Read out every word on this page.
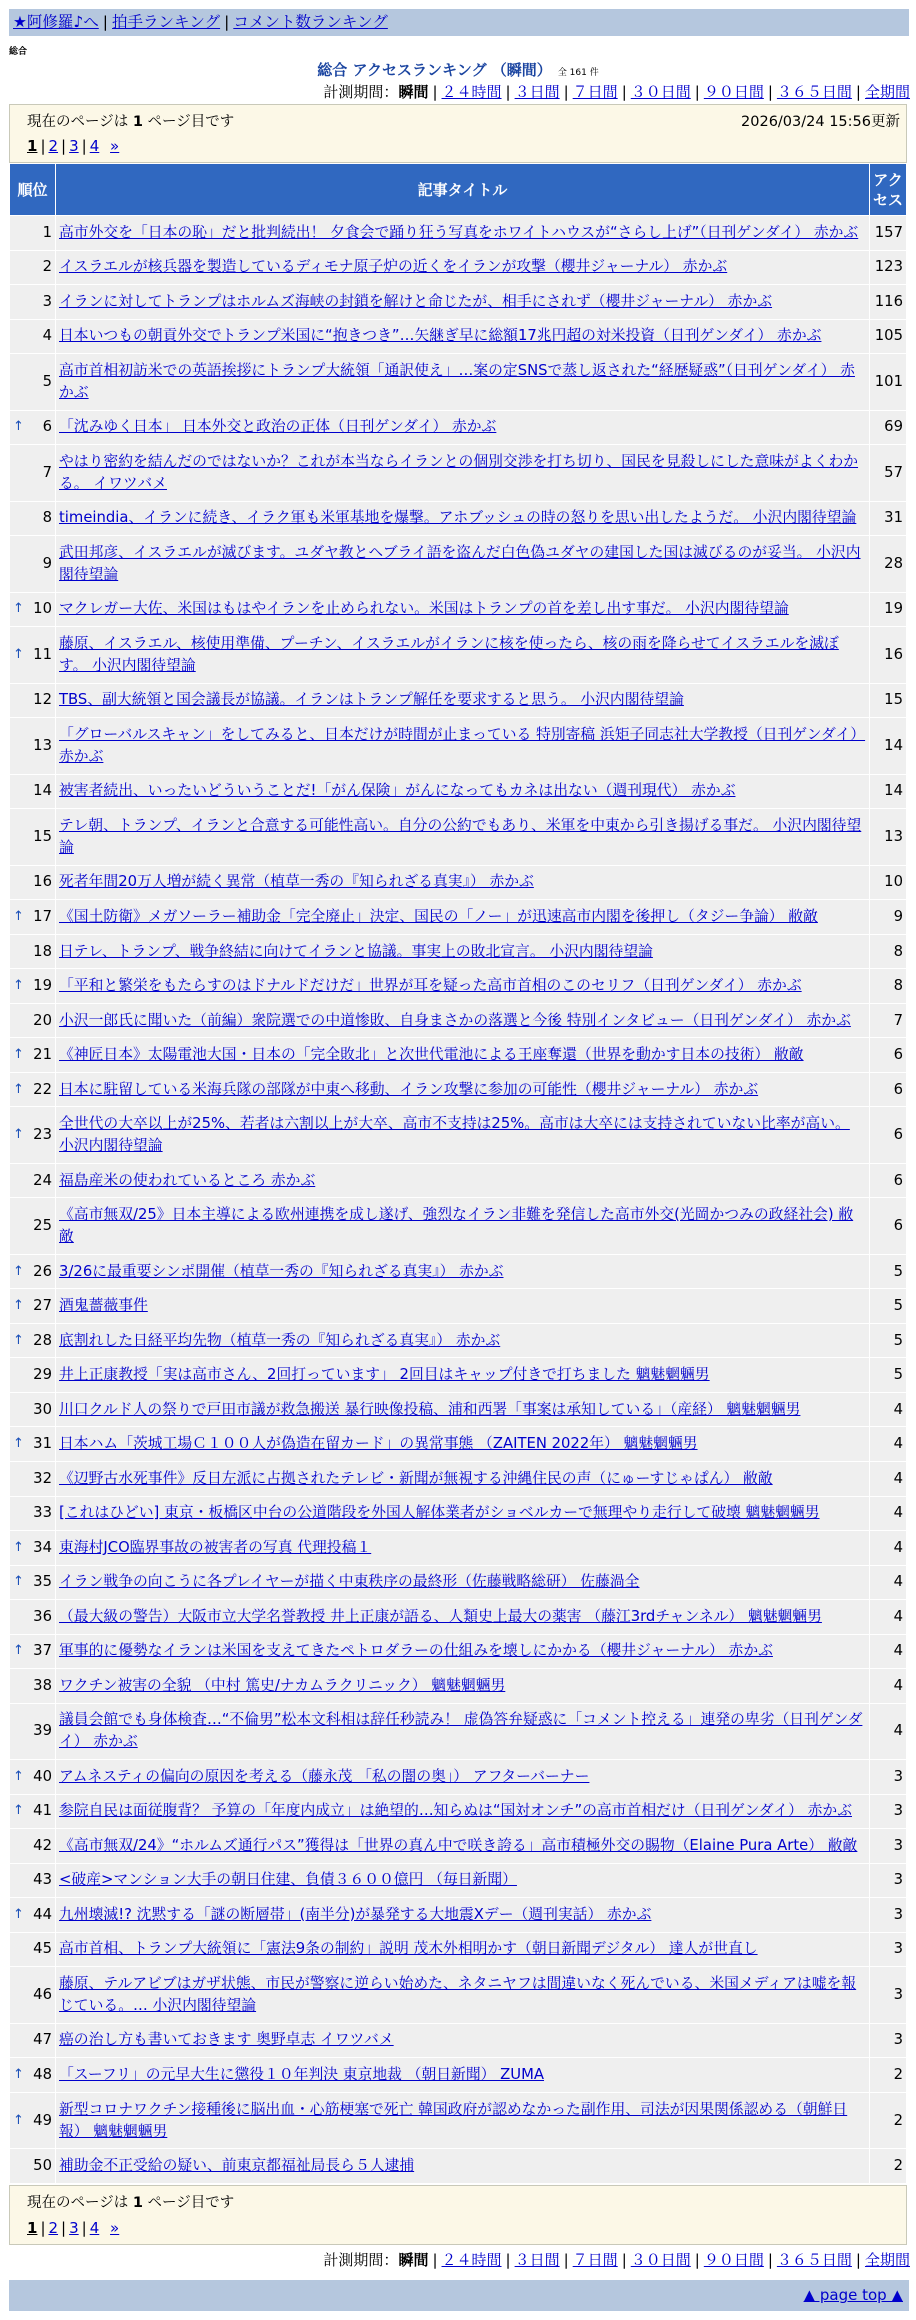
★阿修羅♪へ | 拍手ランキング | コメント数ランキング
総合
総合 アクセスランキング （瞬間） 全 161 件
計測期間：瞬間 | ２４時間 | ３日間 | ７日間 | ３０日間 | ９０日間 | ３６５日間 | 全期間
現在のページは 1 ページ目です	2026/03/24 15:56更新
1 | 2 | 3 | 4 »
順位	記事タイトル	アクセス
1	高市外交を「日本の恥」だと批判続出！ 夕食会で踊り狂う写真をホワイトハウスが“さらし上げ”（日刊ゲンダイ） 赤かぶ	157
2	イスラエルが核兵器を製造しているディモナ原子炉の近くをイランが攻撃（櫻井ジャーナル） 赤かぶ	123
3	イランに対してトランプはホルムズ海峡の封鎖を解けと命じたが、相手にされず（櫻井ジャーナル） 赤かぶ	116
4	日本いつもの朝貢外交でトランプ米国に“抱きつき”…矢継ぎ早に総額17兆円超の対米投資（日刊ゲンダイ） 赤かぶ	105
5	高市首相初訪米での英語挨拶にトランプ大統領「通訳使え」…案の定SNSで蒸し返された“経歴疑惑”（日刊ゲンダイ） 赤かぶ	101

↑ 6	「沈みゆく日本」 日本外交と政治の正体（日刊ゲンダイ） 赤かぶ	69
7	やはり密約を結んだのではないか？これが本当ならイランとの個別交渉を打ち切り、国民を見殺しにした意味がよくわかる。 イワツバメ	57
8	timeindia、イランに続き、イラク軍も米軍基地を爆撃。アホブッシュの時の怒りを思い出したようだ。 小沢内閣待望論	31
9	武田邦彦、イスラエルが滅びます。ユダヤ教とヘブライ語を盗んだ白色偽ユダヤの建国した国は滅びるのが妥当。 小沢内閣待望論	28

↑ 10	マクレガー大佐、米国はもはやイランを止められない。米国はトランプの首を差し出す事だ。 小沢内閣待望論	19

↑ 11	藤原、イスラエル、核使用準備、プーチン、イスラエルがイランに核を使ったら、核の雨を降らせてイスラエルを滅ぼす。 小沢内閣待望論	16
12	TBS、副大統領と国会議長が協議。イランはトランプ解任を要求すると思う。 小沢内閣待望論	15
13	「グローバルスキャン」をしてみると、日本だけが時間が止まっている 特別寄稿 浜矩子同志社大学教授（日刊ゲンダイ） 赤かぶ	14
14	被害者続出、いったいどういうことだ!「がん保険」がんになってもカネは出ない（週刊現代） 赤かぶ	14
15	テレ朝、トランプ、イランと合意する可能性高い。自分の公約でもあり、米軍を中東から引き揚げる事だ。 小沢内閣待望論	13
16	死者年間20万人増が続く異常（植草一秀の『知られざる真実』） 赤かぶ	10

↑ 17	《国土防衛》メガソーラー補助金「完全廃止」決定、国民の「ノー」が迅速高市内閣を後押し（タジー争論） 敝敵	9
18	日テレ、トランプ、戦争終結に向けてイランと協議。事実上の敗北宣言。 小沢内閣待望論	8

↑ 19	「平和と繁栄をもたらすのはドナルドだけだ」世界が耳を疑った高市首相のこのセリフ（日刊ゲンダイ） 赤かぶ	8
20	小沢一郎氏に聞いた（前編）衆院選での中道惨敗、自身まさかの落選と今後 特別インタビュー（日刊ゲンダイ） 赤かぶ	7

↑ 21	《神匠日本》太陽電池大国・日本の「完全敗北」と次世代電池による王座奪還（世界を動かす日本の技術） 敝敵	6

↑ 22	日本に駐留している米海兵隊の部隊が中東へ移動、イラン攻撃に参加の可能性（櫻井ジャーナル） 赤かぶ	6

↑ 23	全世代の大卒以上が25%、若者は六割以上が大卒、高市不支持は25%。高市は大卒には支持されていない比率が高い。 小沢内閣待望論	6
24	福島産米の使われているところ 赤かぶ	6
25	《高市無双/25》日本主導による欧州連携を成し遂げ、強烈なイラン非難を発信した高市外交(光岡かつみの政経社会) 敝敵	6

↑ 26	3/26に最重要シンポ開催（植草一秀の『知られざる真実』） 赤かぶ	5

↑ 27	酒鬼薔薇事件	5

↑ 28	底割れした日経平均先物（植草一秀の『知られざる真実』） 赤かぶ	5
29	井上正康教授「実は高市さん、2回打っています」 2回目はキャップ付きで打ちました 魑魅魍魎男	5
30	川口クルド人の祭りで戸田市議が救急搬送 暴行映像投稿、浦和西署「事案は承知している」（産経） 魑魅魍魎男	4

↑ 31	日本ハム「茨城工場Ｃ１００人が偽造在留カード」の異常事態 （ZAITEN 2022年） 魑魅魍魎男	4
32	《辺野古水死事件》反日左派に占拠されたテレビ・新聞が無視する沖縄住民の声（にゅーすじゃぱん） 敝敵	4
33	[これはひどい] 東京・板橋区中台の公道階段を外国人解体業者がショベルカーで無理やり走行して破壊 魑魅魍魎男	4

↑ 34	東海村JCO臨界事故の被害者の写真 代理投稿１	4

↑ 35	イラン戦争の向こうに各プレイヤーが描く中東秩序の最終形（佐藤戦略総研） 佐藤渦全	4
36	（最大級の警告）大阪市立大学名誉教授 井上正康が語る、人類史上最大の薬害 （藤江3rdチャンネル） 魑魅魍魎男	4

↑ 37	軍事的に優勢なイランは米国を支えてきたペトロダラーの仕組みを壊しにかかる（櫻井ジャーナル） 赤かぶ	4
38	ワクチン被害の全貌 （中村 篤史/ナカムラクリニック） 魑魅魍魎男	4
39	議員会館でも身体検査…“不倫男”松本文科相は辞任秒読み！ 虚偽答弁疑惑に「コメント控える」連発の卑劣（日刊ゲンダイ） 赤かぶ	4

↑ 40	アムネスティの偏向の原因を考える（藤永茂 「私の闇の奥」） アフターバーナー	3

↑ 41	参院自民は面従腹背？ 予算の「年度内成立」は絶望的…知らぬは“国対オンチ”の高市首相だけ（日刊ゲンダイ） 赤かぶ	3
42	《高市無双/24》“ホルムズ通行パス”獲得は「世界の真ん中で咲き誇る」高市積極外交の賜物（Elaine Pura Arte） 敝敵	3
43	<破産>マンション大手の朝日住建、負債３６００億円 （毎日新聞）	3

↑ 44	九州壊滅!? 沈黙する「謎の断層帯」(南半分)が暴発する大地震Xデー（週刊実話） 赤かぶ	3
45	高市首相、トランプ大統領に「憲法9条の制約」説明 茂木外相明かす（朝日新聞デジタル） 達人が世直し	3
46	藤原、テルアビブはガザ状態、市民が警察に逆らい始めた、ネタニヤフは間違いなく死んでいる、米国メディアは嘘を報じている。… 小沢内閣待望論	3
47	癌の治し方も書いておきます 奥野卓志 イワツバメ	3

↑ 48	「スーフリ」の元早大生に懲役１０年判決 東京地裁 （朝日新聞） ZUMA	2

↑ 49	新型コロナワクチン接種後に脳出血・心筋梗塞で死亡 韓国政府が認めなかった副作用、司法が因果関係認める（朝鮮日報） 魑魅魍魎男	2
50	補助金不正受給の疑い、前東京都福祉局長ら５人逮捕	2
現在のページは 1 ページ目です
1 | 2 | 3 | 4 »
計測期間：瞬間 | ２４時間 | ３日間 | ７日間 | ３０日間 | ９０日間 | ３６５日間 | 全期間
▲ page top ▲
